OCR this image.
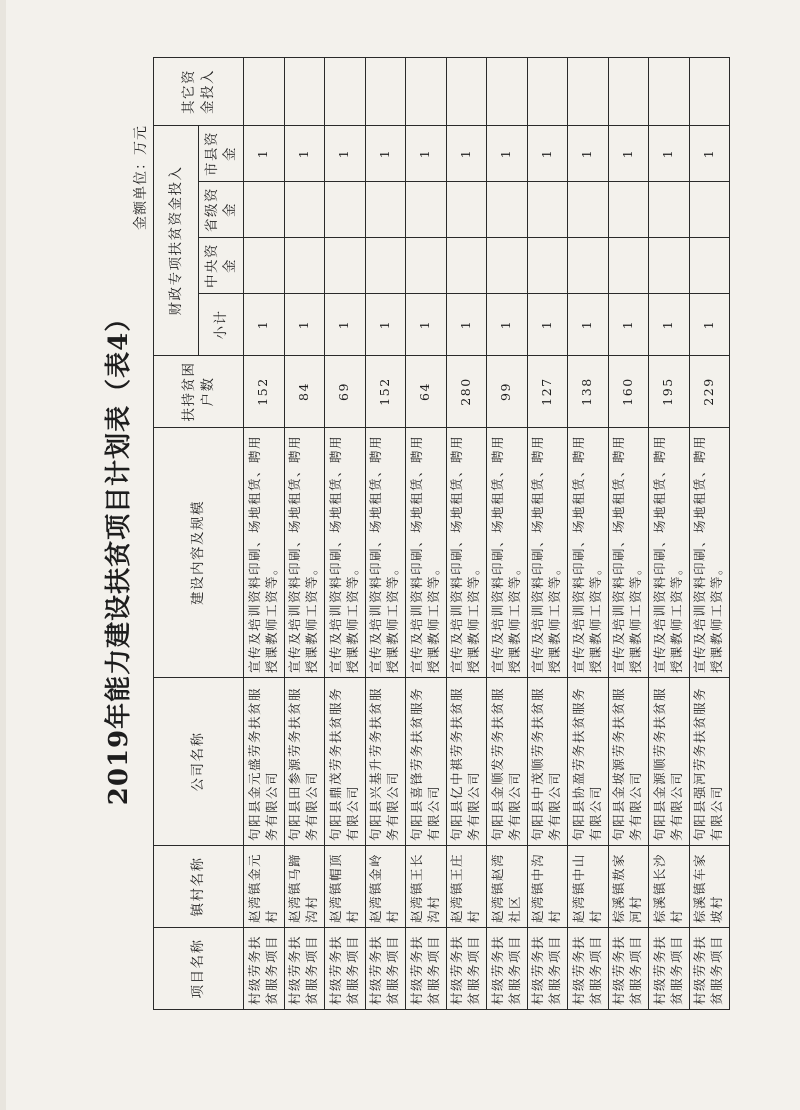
2019年能力建设扶贫项目计划表（表4）
金额单位：万元
项目名称	镇村名称	公司名称	建设内容及规模	扶持贫困户数	财政专项扶贫资金投入				其它资金投入
					小计	中央资金	省级资金	市县资金	
村级劳务扶贫服务项目	赵湾镇金元村	句阳县金元盛劳务扶贫服务有限公司	宣传及培训资料印刷、场地租赁、聘用授课教师工资等。	152	1			1	
村级劳务扶贫服务项目	赵湾镇马蹄沟村	句阳县田参源劳务扶贫服务有限公司	宣传及培训资料印刷、场地租赁、聘用授课教师工资等。	84	1			1	
村级劳务扶贫服务项目	赵湾镇帽顶村	句阳县鼎茂劳务扶贫服务有限公司	宣传及培训资料印刷、场地租赁、聘用授课教师工资等。	69	1			1	
村级劳务扶贫服务项目	赵湾镇金岭村	句阳县兴基升劳务扶贫服务有限公司	宣传及培训资料印刷、场地租赁、聘用授课教师工资等。	152	1			1	
村级劳务扶贫服务项目	赵湾镇王长沟村	句阳县喜锋劳务扶贫服务有限公司	宣传及培训资料印刷、场地租赁、聘用授课教师工资等。	64	1			1	
村级劳务扶贫服务项目	赵湾镇王庄村	句阳县亿中祺劳务扶贫服务有限公司	宣传及培训资料印刷、场地租赁、聘用授课教师工资等。	280	1			1	
村级劳务扶贫服务项目	赵湾镇赵湾社区	句阳县金顺发劳务扶贫服务有限公司	宣传及培训资料印刷、场地租赁、聘用授课教师工资等。	99	1			1	
村级劳务扶贫服务项目	赵湾镇中沟村	句阳县中茂顺劳务扶贫服务有限公司	宣传及培训资料印刷、场地租赁、聘用授课教师工资等。	127	1			1	
村级劳务扶贫服务项目	赵湾镇中山村	句阳县协盈劳务扶贫服务有限公司	宣传及培训资料印刷、场地租赁、聘用授课教师工资等。	138	1			1	
村级劳务扶贫服务项目	棕溪镇敖家河村	句阳县金坡源劳务扶贫服务有限公司	宣传及培训资料印刷、场地租赁、聘用授课教师工资等。	160	1			1	
村级劳务扶贫服务项目	棕溪镇长沙村	句阳县金源顺劳务扶贫服务有限公司	宣传及培训资料印刷、场地租赁、聘用授课教师工资等。	195	1			1	
村级劳务扶贫服务项目	棕溪镇车家坡村	句阳县强河劳务扶贫服务有限公司	宣传及培训资料印刷、场地租赁、聘用授课教师工资等。	229	1			1	
